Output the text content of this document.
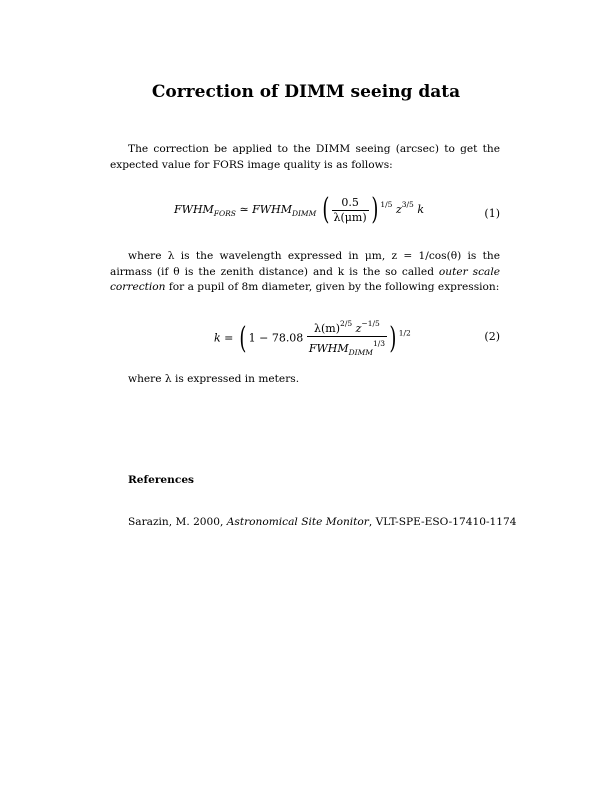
Correction of DIMM seeing data
The correction be applied to the DIMM seeing (arcsec) to get the expected value for FORS image quality is as follows:
$FWHM_{FORS}$ ≃ $FWHM_{DIMM}$ ( $\frac{0.5}{\lambda(\mu m)}$ ) $^{1/5}$ $z^{3/5}$ k	(1)
where λ is the wavelength expressed in μm, z = 1/cos(θ) is the airmass (if θ is the zenith distance) and k is the so called outer scale correction for a pupil of 8m diameter, given by the following expression:
k = ( $1 - 78.08 \frac{\lambda(m)^{2/5} z^{-1/5}}{FWHM_{DIMM}^{1/3}}$ ) $^{1/2}$	(2)
where λ is expressed in meters.
References
Sarazin, M. 2000, Astronomical Site Monitor, VLT-SPE-ESO-17410-1174
